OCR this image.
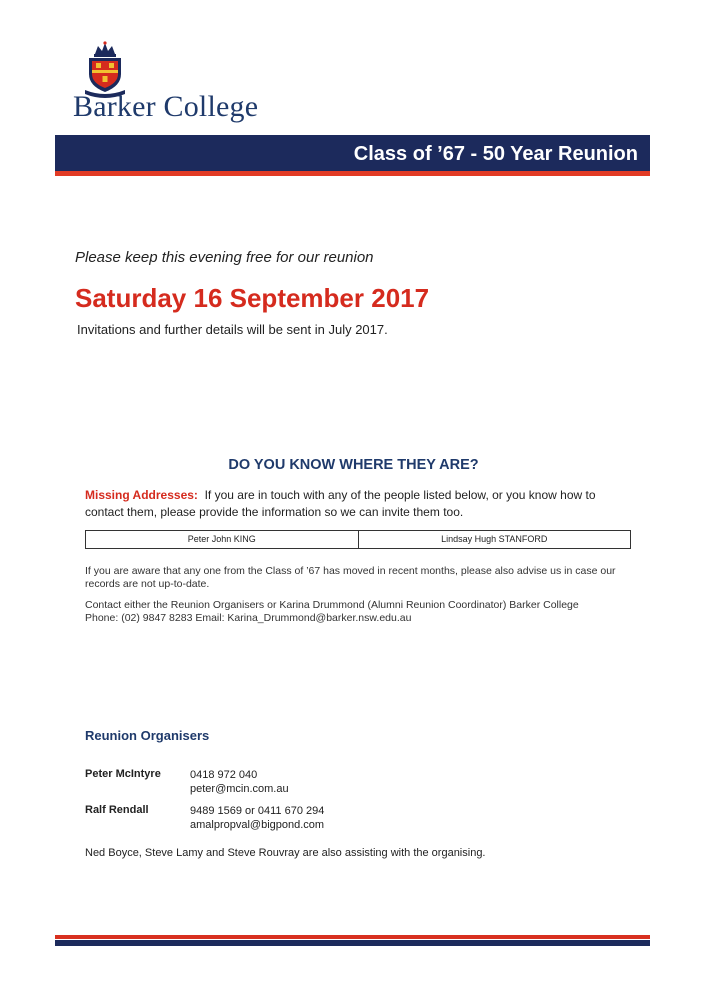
Barker College
Class of ’67 - 50 Year Reunion
Please keep this evening free for our reunion
Saturday 16 September 2017
Invitations and further details will be sent in July 2017.
DO YOU KNOW WHERE THEY ARE?

Missing Addresses: If you are in touch with any of the people listed below, or you know how to contact them, please provide the information so we can invite them too.

Peter John KING	Lindsay Hugh STANFORD

If you are aware that any one from the Class of ’67 has moved in recent months, please also advise us in case our records are not up-to-date.

Contact either the Reunion Organisers or Karina Drummond (Alumni Reunion Coordinator) Barker College
Phone: (02) 9847 8283 Email: Karina_Drummond@barker.nsw.edu.au

Reunion Organisers
Peter McIntyre	0418 972 040
peter@mcin.com.au
Ralf Rendall	9489 1569 or 0411 670 294
amalpropval@bigpond.com
Ned Boyce, Steve Lamy and Steve Rouvray are also assisting with the organising.
